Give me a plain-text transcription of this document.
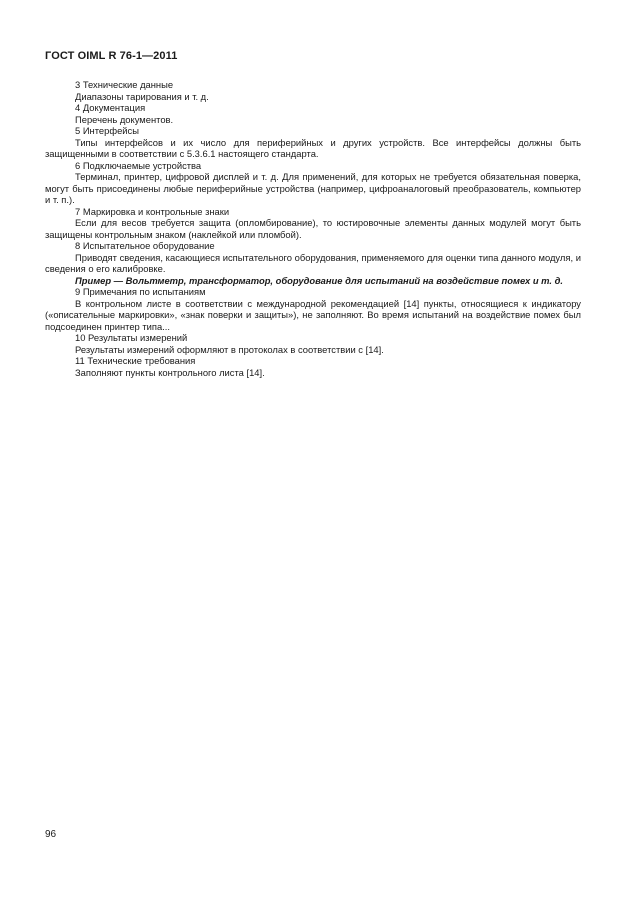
ГОСТ OIML R 76-1—2011

3 Технические данные

Диапазоны тарирования и т. д.

4 Документация

Перечень документов.

5 Интерфейсы

Типы интерфейсов и их число для периферийных и других устройств. Все интерфейсы должны быть защищенными в соответствии с 5.3.6.1 настоящего стандарта.

6 Подключаемые устройства

Терминал, принтер, цифровой дисплей и т. д. Для применений, для которых не требуется обязательная поверка, могут быть присоединены любые периферийные устройства (например, цифроаналоговый преобразователь, компьютер и т. п.).

7 Маркировка и контрольные знаки

Если для весов требуется защита (опломбирование), то юстировочные элементы данных модулей могут быть защищены контрольным знаком (наклейкой или пломбой).

8 Испытательное оборудование

Приводят сведения, касающиеся испытательного оборудования, применяемого для оценки типа данного модуля, и сведения о его калибровке.

Пример — Вольтметр, трансформатор, оборудование для испытаний на воздействие помех и т. д.

9 Примечания по испытаниям

В контрольном листе в соответствии с международной рекомендацией [14] пункты, относящиеся к индикатору («описательные маркировки», «знак поверки и защиты»), не заполняют. Во время испытаний на воздействие помех был подсоединен принтер типа...

10 Результаты измерений

Результаты измерений оформляют в протоколах в соответствии с [14].

11 Технические требования

Заполняют пункты контрольного листа [14].

96
